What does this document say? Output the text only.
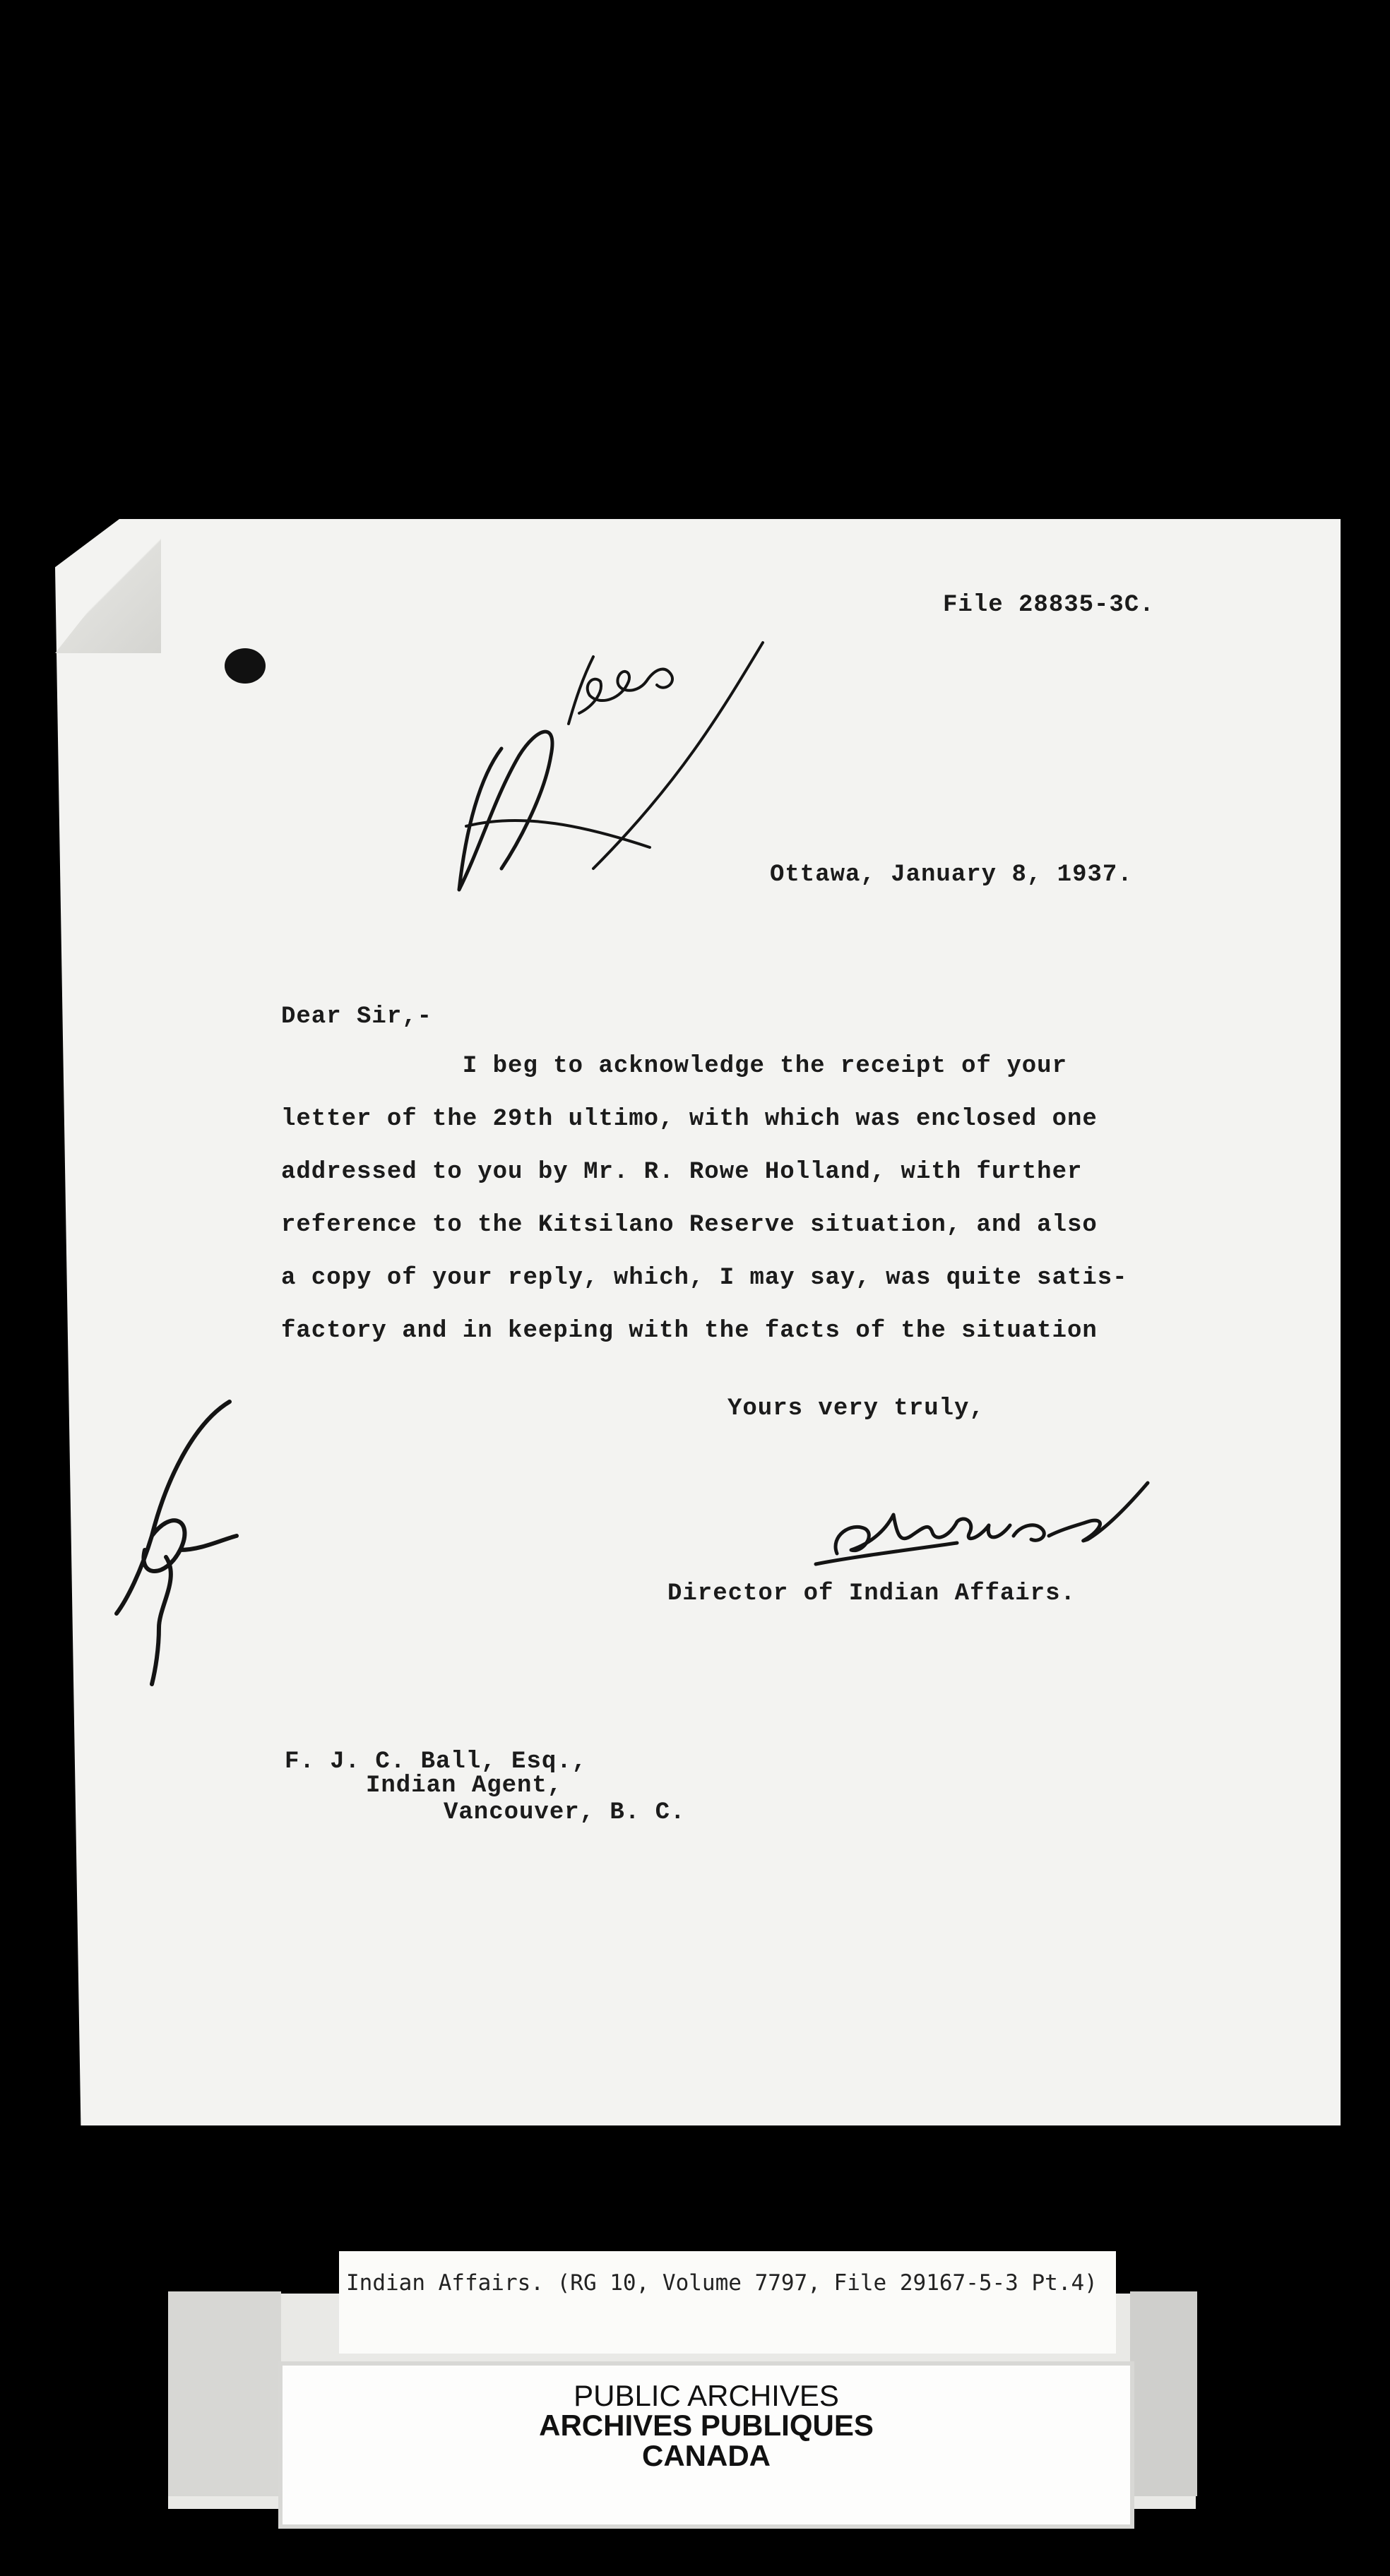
File 28835-3C.
Ottawa, January 8, 1937.
Dear Sir,-
I beg to acknowledge the receipt of your
letter of the 29th ultimo, with which was enclosed one
addressed to you by Mr. R. Rowe Holland, with further
reference to the Kitsilano Reserve situation, and also
a copy of your reply, which, I may say, was quite satis-
factory and in keeping with the facts of the situation
Yours very truly,
Director of Indian Affairs.
F. J. C. Ball, Esq.,
Indian Agent,
Vancouver, B. C.
Indian Affairs. (RG 10, Volume 7797, File 29167-5-3 Pt.4)
PUBLIC ARCHIVES
ARCHIVES PUBLIQUES
CANADA
